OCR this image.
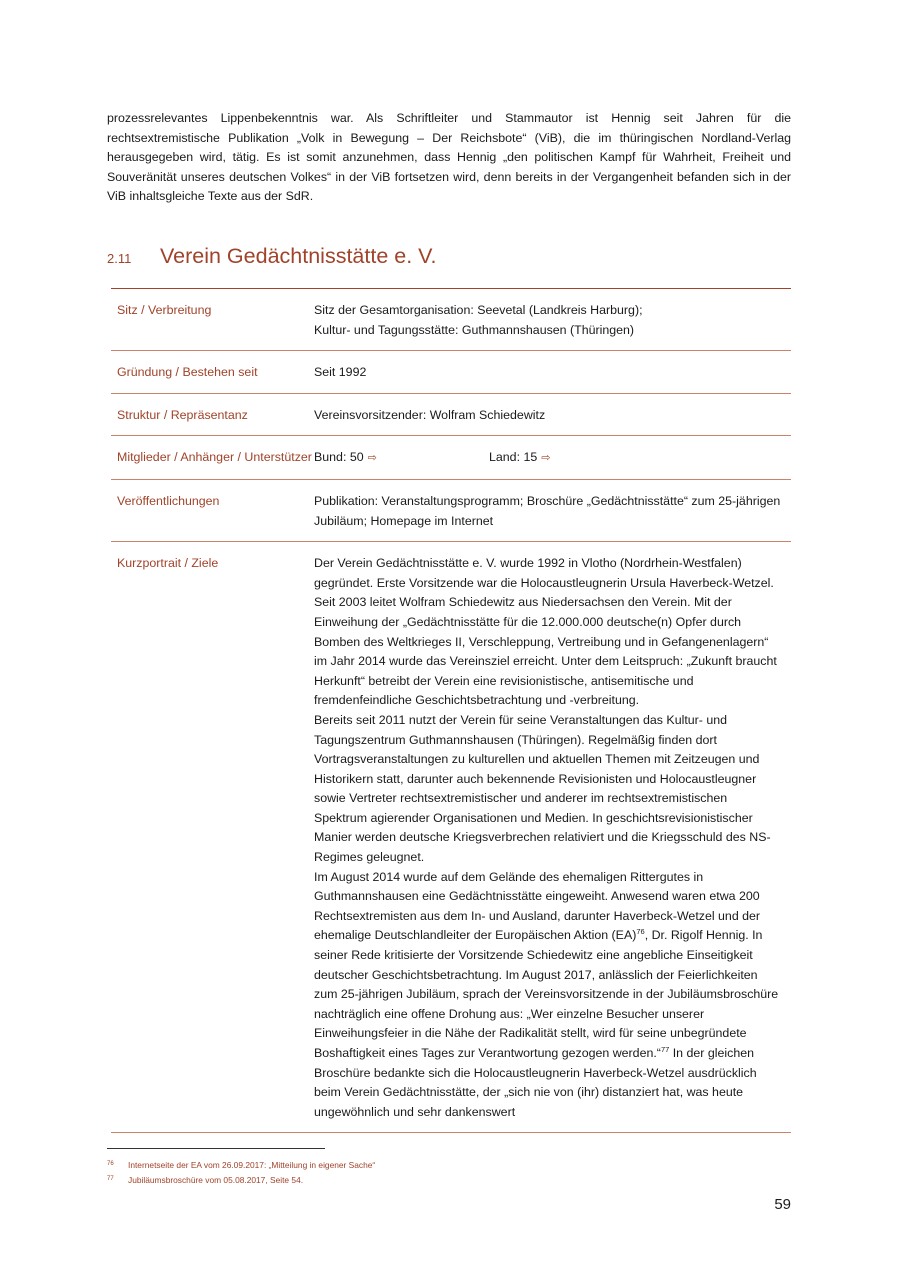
prozessrelevantes Lippenbekenntnis war. Als Schriftleiter und Stammautor ist Hennig seit Jahren für die rechtsextremistische Publikation „Volk in Bewegung – Der Reichsbote“ (ViB), die im thüringischen Nordland-Verlag herausgegeben wird, tätig. Es ist somit anzunehmen, dass Hennig „den politischen Kampf für Wahrheit, Freiheit und Souveränität unseres deutschen Volkes“ in der ViB fortsetzen wird, denn bereits in der Vergangenheit befanden sich in der ViB inhaltsgleiche Texte aus der SdR.

2.11 Verein Gedächtnisstätte e. V.
Sitz / Verbreitung	Sitz der Gesamtorganisation: Seevetal (Landkreis Harburg);
Kultur- und Tagungsstätte: Guthmannshausen (Thüringen)

Gründung / Bestehen seit	Seit 1992
Struktur / Repräsentanz	Vereinsvorsitzender: Wolfram Schiedewitz
Mitglieder / Anhänger / Unterstützer	Bund: 50 ⇨ Land: 15 ⇨

Veröffentlichungen	Publikation: Veranstaltungsprogramm; Broschüre „Gedächtnisstätte“ zum 25-jährigen Jubiläum; Homepage im Internet
Kurzportrait / Ziele	Der Verein Gedächtnisstätte e. V. wurde 1992 in Vlotho (Nordrhein-Westfalen) gegründet. Erste Vorsitzende war die Holocaustleugnerin Ursula Haverbeck-Wetzel. Seit 2003 leitet Wolfram Schiedewitz aus Niedersachsen den Verein. Mit der Einweihung der „Gedächtnisstätte für die 12.000.000 deutsche(n) Opfer durch Bomben des Weltkrieges II, Verschleppung, Vertreibung und in Gefangenenlagern“ im Jahr 2014 wurde das Vereinsziel erreicht. Unter dem Leitspruch: „Zukunft braucht Herkunft“ betreibt der Verein eine revisionistische, antisemitische und fremdenfeindliche Geschichtsbetrachtung und -verbreitung.

Bereits seit 2011 nutzt der Verein für seine Veranstaltungen das Kultur- und Tagungszentrum Guthmannshausen (Thüringen). Regelmäßig finden dort Vortragsveranstaltungen zu kulturellen und aktuellen Themen mit Zeitzeugen und Historikern statt, darunter auch bekennende Revisionisten und Holocaustleugner sowie Vertreter rechtsextremistischer und anderer im rechtsextremistischen Spektrum agierender Organisationen und Medien. In geschichtsrevisionistischer Manier werden deutsche Kriegsverbrechen relativiert und die Kriegsschuld des NS-Regimes geleugnet.

Im August 2014 wurde auf dem Gelände des ehemaligen Rittergutes in Guthmannshausen eine Gedächtnisstätte eingeweiht. Anwesend waren etwa 200 Rechtsextremisten aus dem In- und Ausland, darunter Haverbeck-Wetzel und der ehemalige Deutschlandleiter der Europäischen Aktion (EA)$^{76}$, Dr. Rigolf Hennig. In seiner Rede kritisierte der Vorsitzende Schiedewitz eine angebliche Einseitigkeit deutscher Geschichtsbetrachtung. Im August 2017, anlässlich der Feierlichkeiten zum 25-jährigen Jubiläum, sprach der Vereinsvorsitzende in der Jubiläumsbroschüre nachträglich eine offene Drohung aus: „Wer einzelne Besucher unserer Einweihungsfeier in die Nähe der Radikalität stellt, wird für seine unbegründete Boshaftigkeit eines Tages zur Verantwortung gezogen werden.“$^{77}$ In der gleichen Broschüre bedankte sich die Holocaustleugnerin Haverbeck-Wetzel ausdrücklich beim Verein Gedächtnisstätte, der „sich nie von (ihr) distanziert hat, was heute ungewöhnlich und sehr dankenswert

76 Internetseite der EA vom 26.09.2017: „Mitteilung in eigener Sache“
77 Jubiläumsbroschüre vom 05.08.2017, Seite 54.
59
